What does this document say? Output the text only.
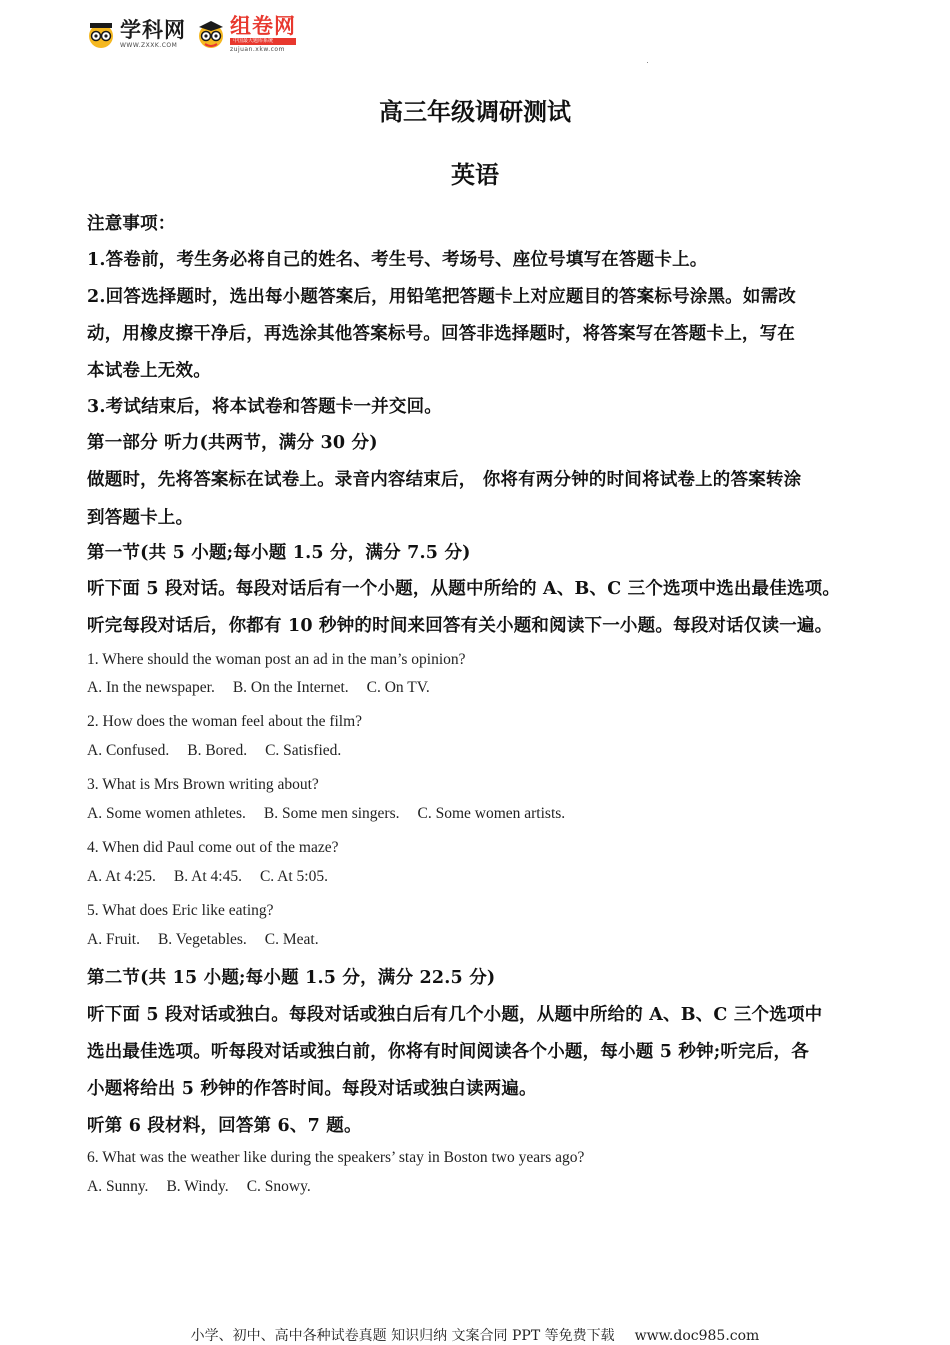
学科网
WWW.ZXXK.COM
组卷网
中国最大题库系统
zujuan.xkw.com
高三年级调研测试
英语
注意事项：
1.答卷前，考生务必将自己的姓名、考生号、考场号、座位号填写在答题卡上。
2.回答选择题时，选出每小题答案后，用铅笔把答题卡上对应题目的答案标号涂黑。如需改
动，用橡皮擦干净后，再选涂其他答案标号。回答非选择题时，将答案写在答题卡上，写在
本试卷上无效。
3.考试结束后，将本试卷和答题卡一并交回。
第一部分 听力(共两节，满分 30 分)
做题时，先将答案标在试卷上。录音内容结束后， 你将有两分钟的时间将试卷上的答案转涂
到答题卡上。
第一节(共 5 小题;每小题 1.5 分，满分 7.5 分)
听下面 5 段对话。每段对话后有一个小题，从题中所给的 A、B、C 三个选项中选出最佳选项。
听完每段对话后，你都有 10 秒钟的时间来回答有关小题和阅读下一小题。每段对话仅读一遍。
1. Where should the woman post an ad in the man’s opinion?
A. In the newspaper. B. On the Internet. C. On TV.
2. How does the woman feel about the film?
A. Confused. B. Bored. C. Satisfied.
3. What is Mrs Brown writing about?
A. Some women athletes. B. Some men singers. C. Some women artists.
4. When did Paul come out of the maze?
A. At 4:25. B. At 4:45. C. At 5:05.
5. What does Eric like eating?
A. Fruit. B. Vegetables. C. Meat.
第二节(共 15 小题;每小题 1.5 分，满分 22.5 分)
听下面 5 段对话或独白。每段对话或独白后有几个小题，从题中所给的 A、B、C 三个选项中
选出最佳选项。听每段对话或独白前，你将有时间阅读各个小题，每小题 5 秒钟;听完后，各
小题将给出 5 秒钟的作答时间。每段对话或独白读两遍。
听第 6 段材料，回答第 6、7 题。
6. What was the weather like during the speakers’ stay in Boston two years ago?
A. Sunny. B. Windy. C. Snowy.
小学、初中、高中各种试卷真题 知识归纳 文案合同 PPT 等免费下载 www.doc985.com
